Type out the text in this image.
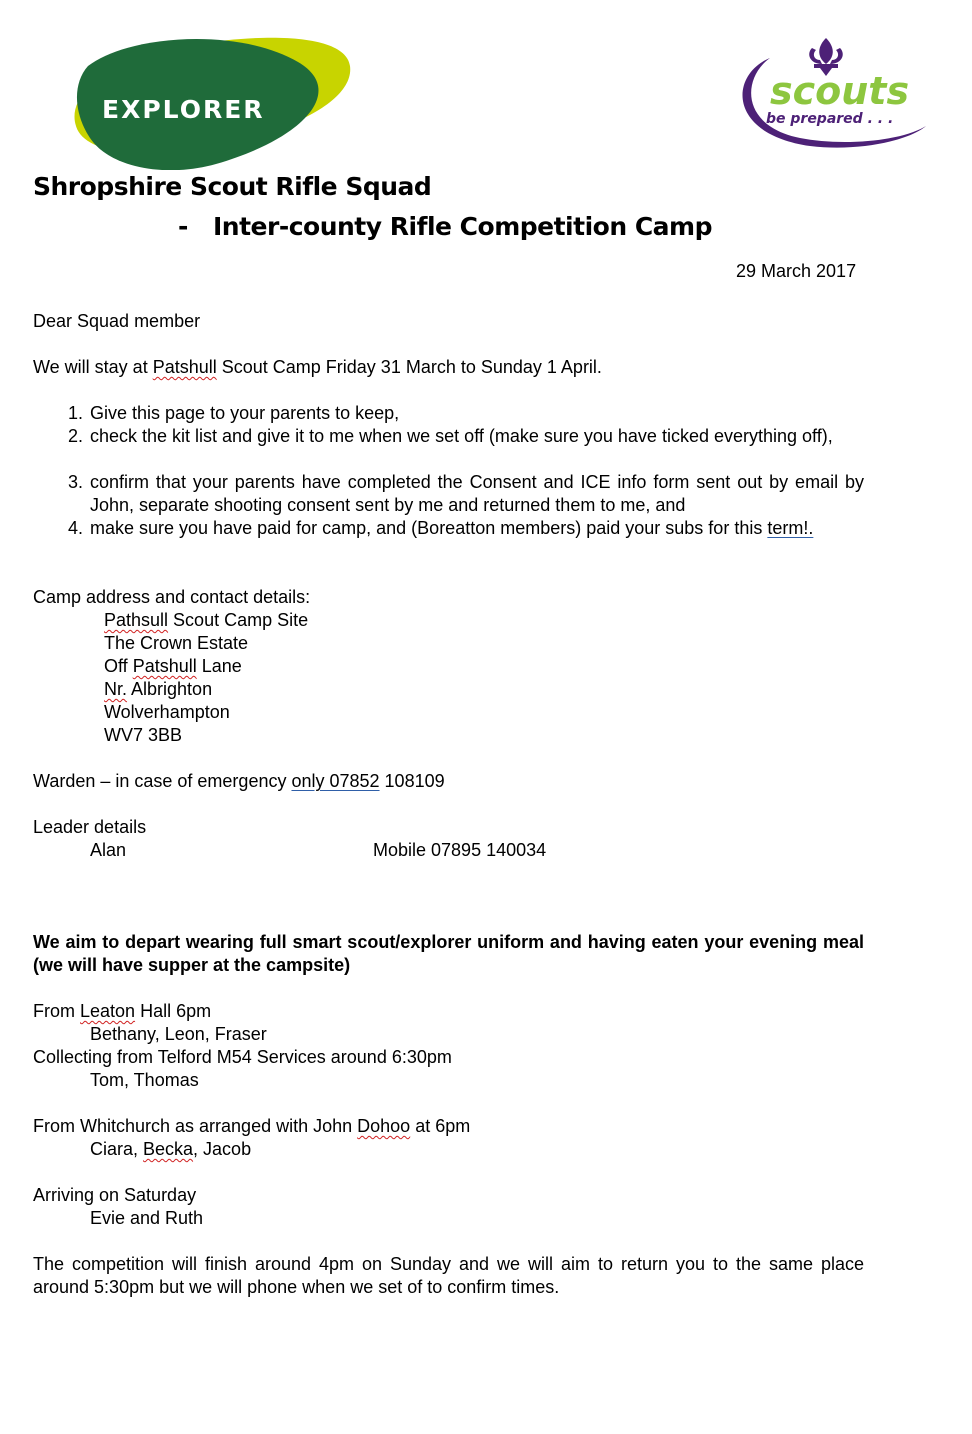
EXPLORER	scouts
be prepared . . .
Shropshire Scout Rifle Squad
- Inter-county Rifle Competition Camp
29 March 2017
Dear Squad member
We will stay at Patshull Scout Camp Friday 31 March to Sunday 1 April.
1. Give this page to your parents to keep,
2. check the kit list and give it to me when we set off (make sure you have ticked everything off),
3. confirm that your parents have completed the Consent and ICE info form sent out by email by John, separate shooting consent sent by me and returned them to me, and
4. make sure you have paid for camp, and (Boreatton members) paid your subs for this term!.
Camp address and contact details:
Pathsull Scout Camp Site
The Crown Estate
Off Patshull Lane
Nr. Albrighton
Wolverhampton
WV7 3BB
Warden – in case of emergency only 07852 108109
Leader details
Alan	Mobile 07895 140034
We aim to depart wearing full smart scout/explorer uniform and having eaten your evening meal (we will have supper at the campsite)
From Leaton Hall 6pm
Bethany, Leon, Fraser
Collecting from Telford M54 Services around 6:30pm
Tom, Thomas
From Whitchurch as arranged with John Dohoo at 6pm
Ciara, Becka, Jacob
Arriving on Saturday
Evie and Ruth
The competition will finish around 4pm on Sunday and we will aim to return you to the same place around 5:30pm but we will phone when we set of to confirm times.
